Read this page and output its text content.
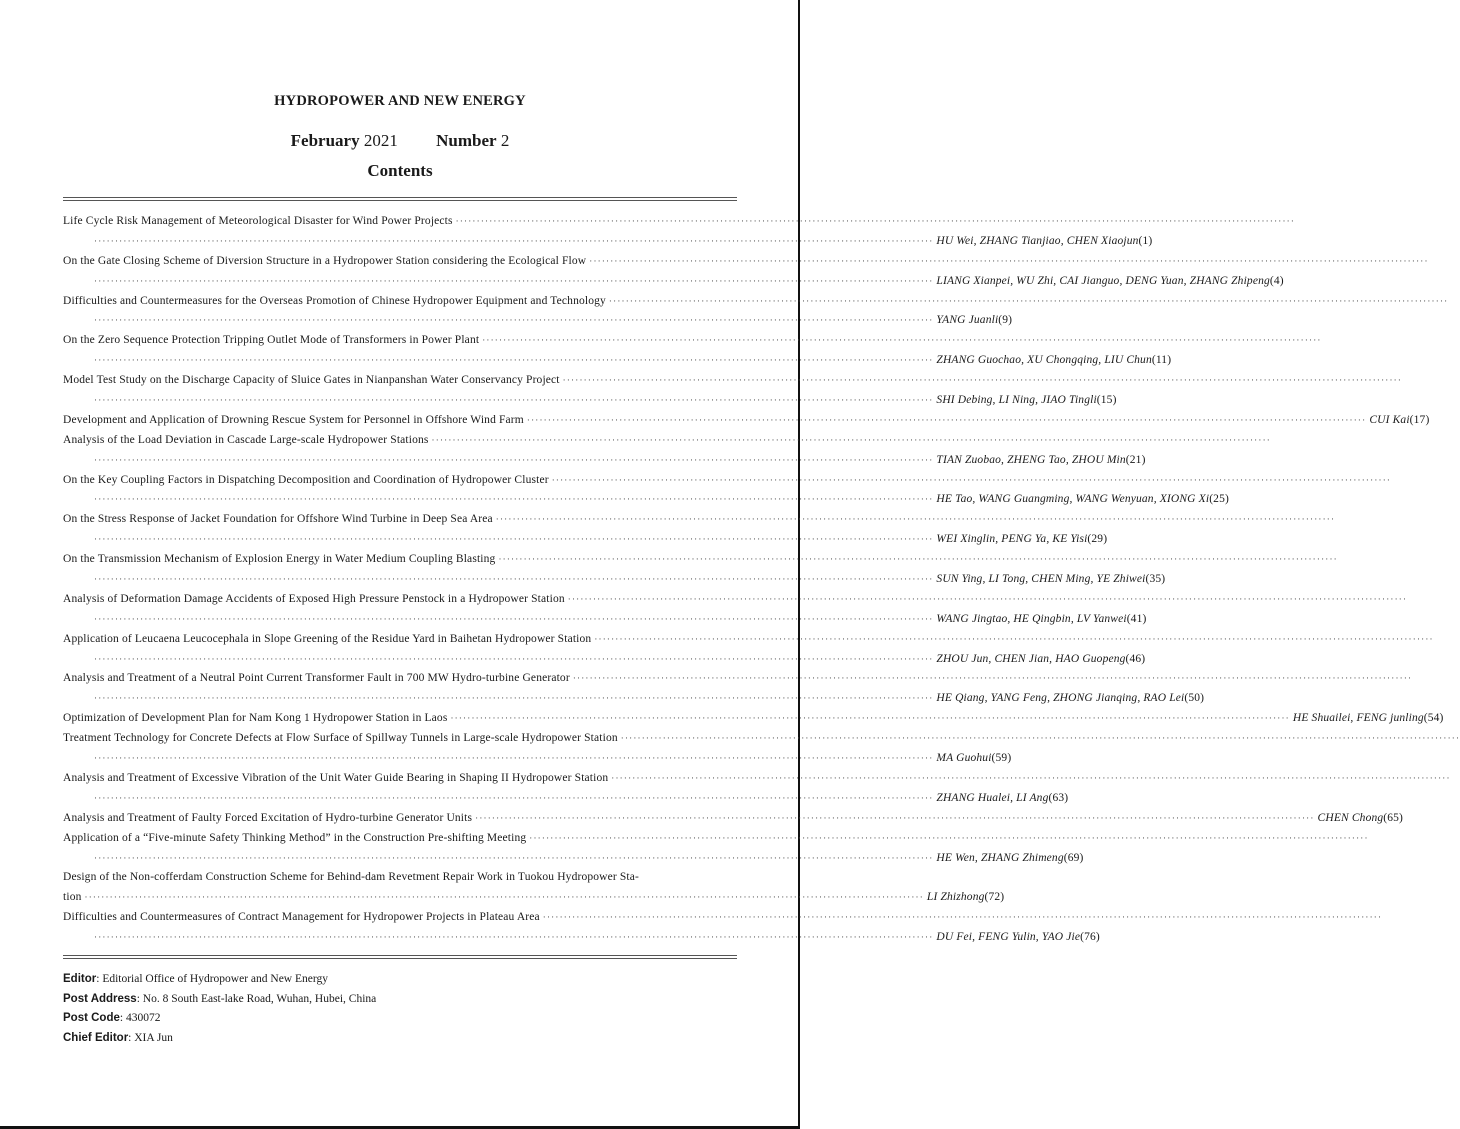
HYDROPOWER AND NEW ENERGY
February 2021 Number 2
Contents
Life Cycle Risk Management of Meteorological Disaster for Wind Power Projects ········································································································································································································
········································································································································································································ HU Wei, ZHANG Tianjiao, CHEN Xiaojun (1)
On the Gate Closing Scheme of Diversion Structure in a Hydropower Station considering the Ecological Flow ········································································································································································································
········································································································································································································ LIANG Xianpei, WU Zhi, CAI Jianguo, DENG Yuan, ZHANG Zhipeng (4)
Difficulties and Countermeasures for the Overseas Promotion of Chinese Hydropower Equipment and Technology ········································································································································································································
········································································································································································································ YANG Juanli (9)
On the Zero Sequence Protection Tripping Outlet Mode of Transformers in Power Plant ········································································································································································································
········································································································································································································ ZHANG Guochao, XU Chongqing, LIU Chun (11)
Model Test Study on the Discharge Capacity of Sluice Gates in Nianpanshan Water Conservancy Project ········································································································································································································
········································································································································································································ SHI Debing, LI Ning, JIAO Tingli (15)
Development and Application of Drowning Rescue System for Personnel in Offshore Wind Farm ········································································································································································································ CUI Kai (17)
Analysis of the Load Deviation in Cascade Large-scale Hydropower Stations ········································································································································································································
········································································································································································································ TIAN Zuobao, ZHENG Tao, ZHOU Min (21)
On the Key Coupling Factors in Dispatching Decomposition and Coordination of Hydropower Cluster ········································································································································································································
········································································································································································································ HE Tao, WANG Guangming, WANG Wenyuan, XIONG Xi (25)
On the Stress Response of Jacket Foundation for Offshore Wind Turbine in Deep Sea Area ········································································································································································································
········································································································································································································ WEI Xinglin, PENG Ya, KE Yisi (29)
On the Transmission Mechanism of Explosion Energy in Water Medium Coupling Blasting ········································································································································································································
········································································································································································································ SUN Ying, LI Tong, CHEN Ming, YE Zhiwei (35)
Analysis of Deformation Damage Accidents of Exposed High Pressure Penstock in a Hydropower Station ········································································································································································································
········································································································································································································ WANG Jingtao, HE Qingbin, LV Yanwei (41)
Application of Leucaena Leucocephala in Slope Greening of the Residue Yard in Baihetan Hydropower Station ········································································································································································································
········································································································································································································ ZHOU Jun, CHEN Jian, HAO Guopeng (46)
Analysis and Treatment of a Neutral Point Current Transformer Fault in 700 MW Hydro-turbine Generator ········································································································································································································
········································································································································································································ HE Qiang, YANG Feng, ZHONG Jianqing, RAO Lei (50)
Optimization of Development Plan for Nam Kong 1 Hydropower Station in Laos ········································································································································································································ HE Shuailei, FENG junling (54)
Treatment Technology for Concrete Defects at Flow Surface of Spillway Tunnels in Large-scale Hydropower Station ········································································································································································································
········································································································································································································ MA Guohui (59)
Analysis and Treatment of Excessive Vibration of the Unit Water Guide Bearing in Shaping II Hydropower Station ········································································································································································································
········································································································································································································ ZHANG Hualei, LI Ang (63)
Analysis and Treatment of Faulty Forced Excitation of Hydro-turbine Generator Units ········································································································································································································ CHEN Chong (65)
Application of a “Five-minute Safety Thinking Method” in the Construction Pre-shifting Meeting ········································································································································································································
········································································································································································································ HE Wen, ZHANG Zhimeng (69)
Design of the Non-cofferdam Construction Scheme for Behind-dam Revetment Repair Work in Tuokou Hydropower Sta-
tion ········································································································································································································ LI Zhizhong (72)
Difficulties and Countermeasures of Contract Management for Hydropower Projects in Plateau Area ········································································································································································································
········································································································································································································ DU Fei, FENG Yulin, YAO Jie (76)
Editor: Editorial Office of Hydropower and New Energy
Post Address: No. 8 South East-lake Road, Wuhan, Hubei, China
Post Code: 430072
Chief Editor: XIA Jun
